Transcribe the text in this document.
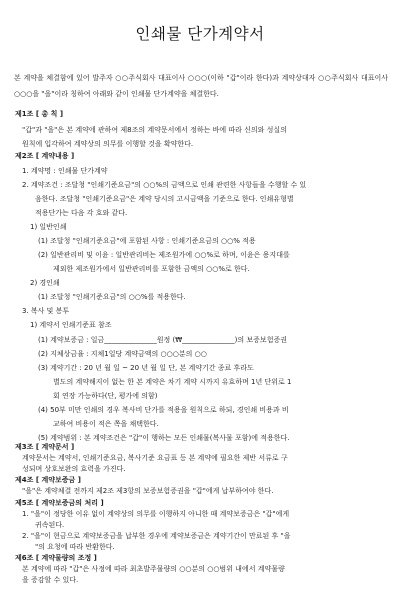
인쇄물 단가계약서
본 계약을 체결함에 있어 발주자 ○○주식회사 대표이사 ○○○(이하 "갑"이라 한다)과 계약상대자 ○○주식회사 대표이사 ○○○을 "을"이라 칭하여 아래와 같이 인쇄물 단가계약을 체결한다.
제1조 [ 총 칙 ]
"갑"과 "을"은 본 계약에 관하여 제8조의 계약문서에서 정하는 바에 따라 신의와 성실의
원칙에 입각하여 계약상의 의무를 이행할 것을 확약한다.
제2조 [ 계약내용 ]
1. 계약명 : 인쇄물 단가계약
2. 계약조건 : 조달청 "인쇄기준요금"의 ○○%의 금액으로 인쇄 관련한 사항들을 수행할 수 있
음한다. 조달청 "인쇄기준요금"은 계약 당시의 고시금액을 기준으로 한다. 인쇄유형별
적용단가는 다음 각 호와 같다.
1) 일반인쇄
(1) 조달청 "인쇄기준요금"에 포함된 사항 : 인쇄기준요금의 ○○% 적용
(2) 일반관리비 및 이윤 : 일반관리비는 제조원가에 ○○%로 하며, 이윤은 용지대를
제외한 제조원가에서 일반관리비를 포함한 금액의 ○○%로 한다.
2) 경인쇄
(1) 조달청 "인쇄기준요금"의 ○○%를 적용한다.
3. 복사 및 봉투
1) 계약서 인쇄기준표 참조
(1) 계약보증금 : 일금_______________원정 (₩_______________)의 보증보험증권
(2) 지체상금율 : 지체1일당 계약금액의 ○○○분의 ○○
(3) 계약기간 : 20 년 월 일 ~ 20 년 월 일 단, 본 계약기간 종료 후라도
별도의 계약해지이 없는 한 본 계약은 차기 계약 시까지 유효하며 1년 단위로 1
회 연장 가능하다(단, 평가에 의함)
(4) 50부 미만 인쇄의 경우 복사비 단가를 적용을 원칙으로 하되, 경인쇄 비용과 비
교하여 비용이 적은 쪽을 채택한다.
(5) 계약범위 : 본 계약조건은 "갑"이 행하는 모든 인쇄물(복사물 포함)에 적용한다.
제3조 [ 계약문서 ]
계약문서는 계약서, 인쇄기준요금, 복사기준 요금표 등 본 계약에 필요한 제반 서류로 구
성되며 상호보완의 효력을 가진다.
제4조 [ 계약보증금 ]
"을"은 계약체결 전까지 제2조 제3항의 보증보험증권을 "갑"에게 납부하여야 한다.
제5조 [ 계약보증금의 처리 ]
1. "을"이 정당한 이유 없이 계약상의 의무를 이행하지 아니한 때 계약보증금은 "갑"에게
귀속된다.
2. "을"이 현금으로 계약보증금을 납부한 경우에 계약보증금은 계약기간이 만료된 후 "을
"의 요청에 따라 반환한다.
제6조 [ 계약물량의 조정 ]
본 계약에 따라 "갑"은 사정에 따라 최초발주물량의 ○○분의 ○○범위 내에서 계약물량
을 증감할 수 있다.
